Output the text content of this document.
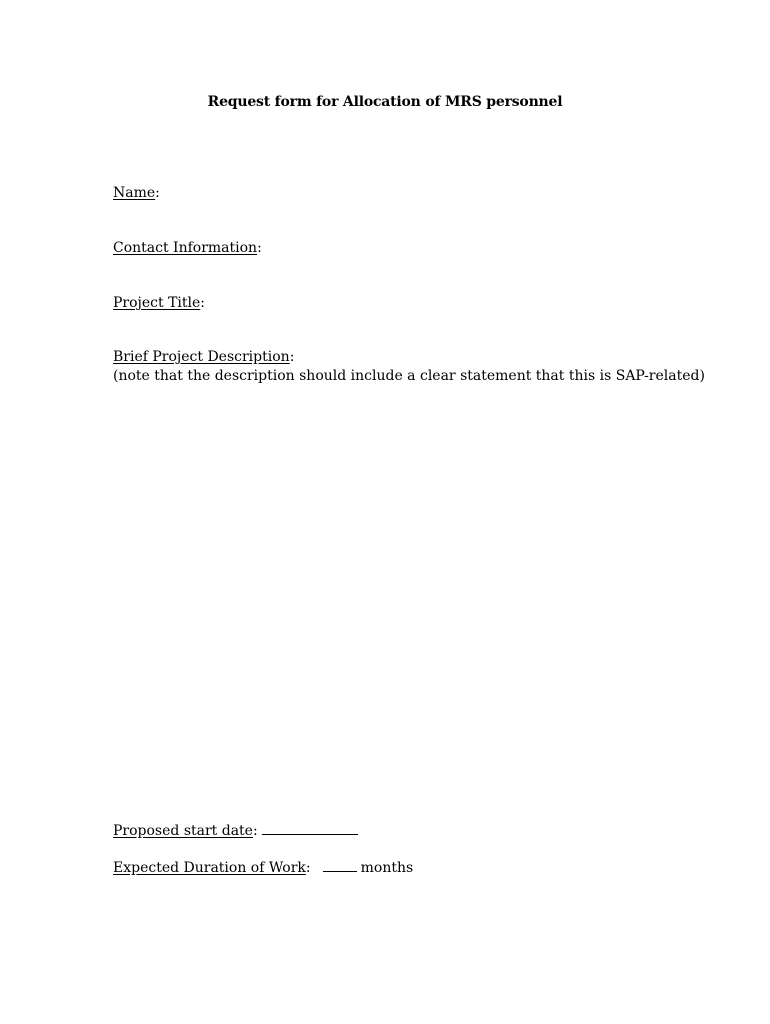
Request form for Allocation of MRS personnel
Name:
Contact Information:
Project Title:
Brief Project Description:
(note that the description should include a clear statement that this is SAP-related)
Proposed start date:
Expected Duration of Work:	months
